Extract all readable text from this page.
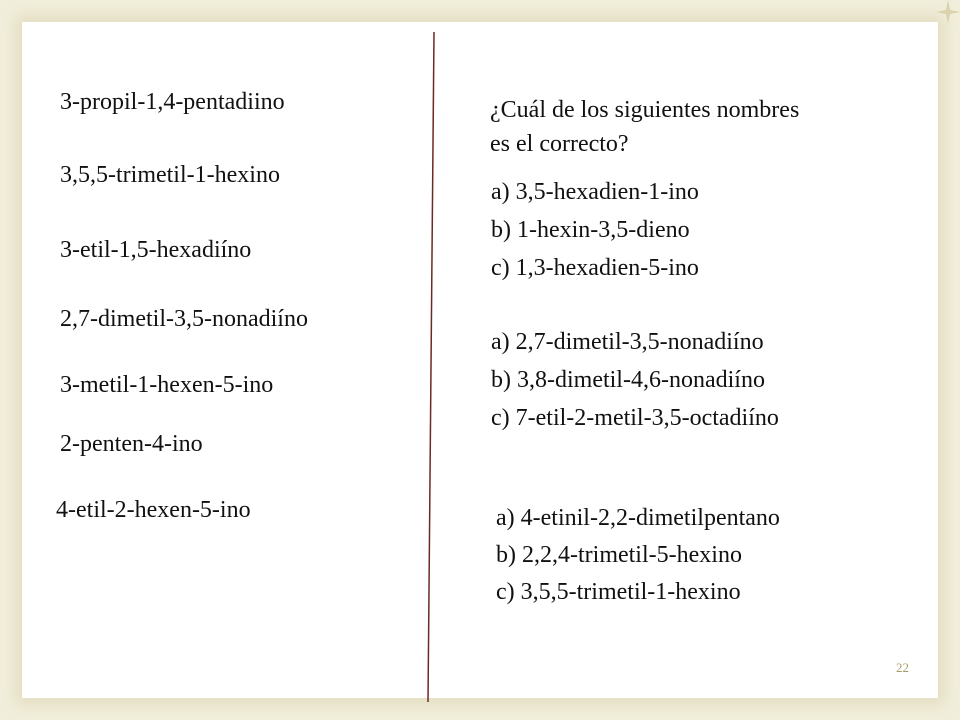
3-propil-1,4-pentadiino
3,5,5-trimetil-1-hexino
3-etil-1,5-hexadiíno
2,7-dimetil-3,5-nonadiíno
3-metil-1-hexen-5-ino
2-penten-4-ino
4-etil-2-hexen-5-ino
¿Cuál de los siguientes nombres
es el correcto?
a) 3,5-hexadien-1-ino
b) 1-hexin-3,5-dieno
c) 1,3-hexadien-5-ino
a) 2,7-dimetil-3,5-nonadiíno
b) 3,8-dimetil-4,6-nonadiíno
c) 7-etil-2-metil-3,5-octadiíno
a) 4-etinil-2,2-dimetilpentano
b) 2,2,4-trimetil-5-hexino
c) 3,5,5-trimetil-1-hexino
22
